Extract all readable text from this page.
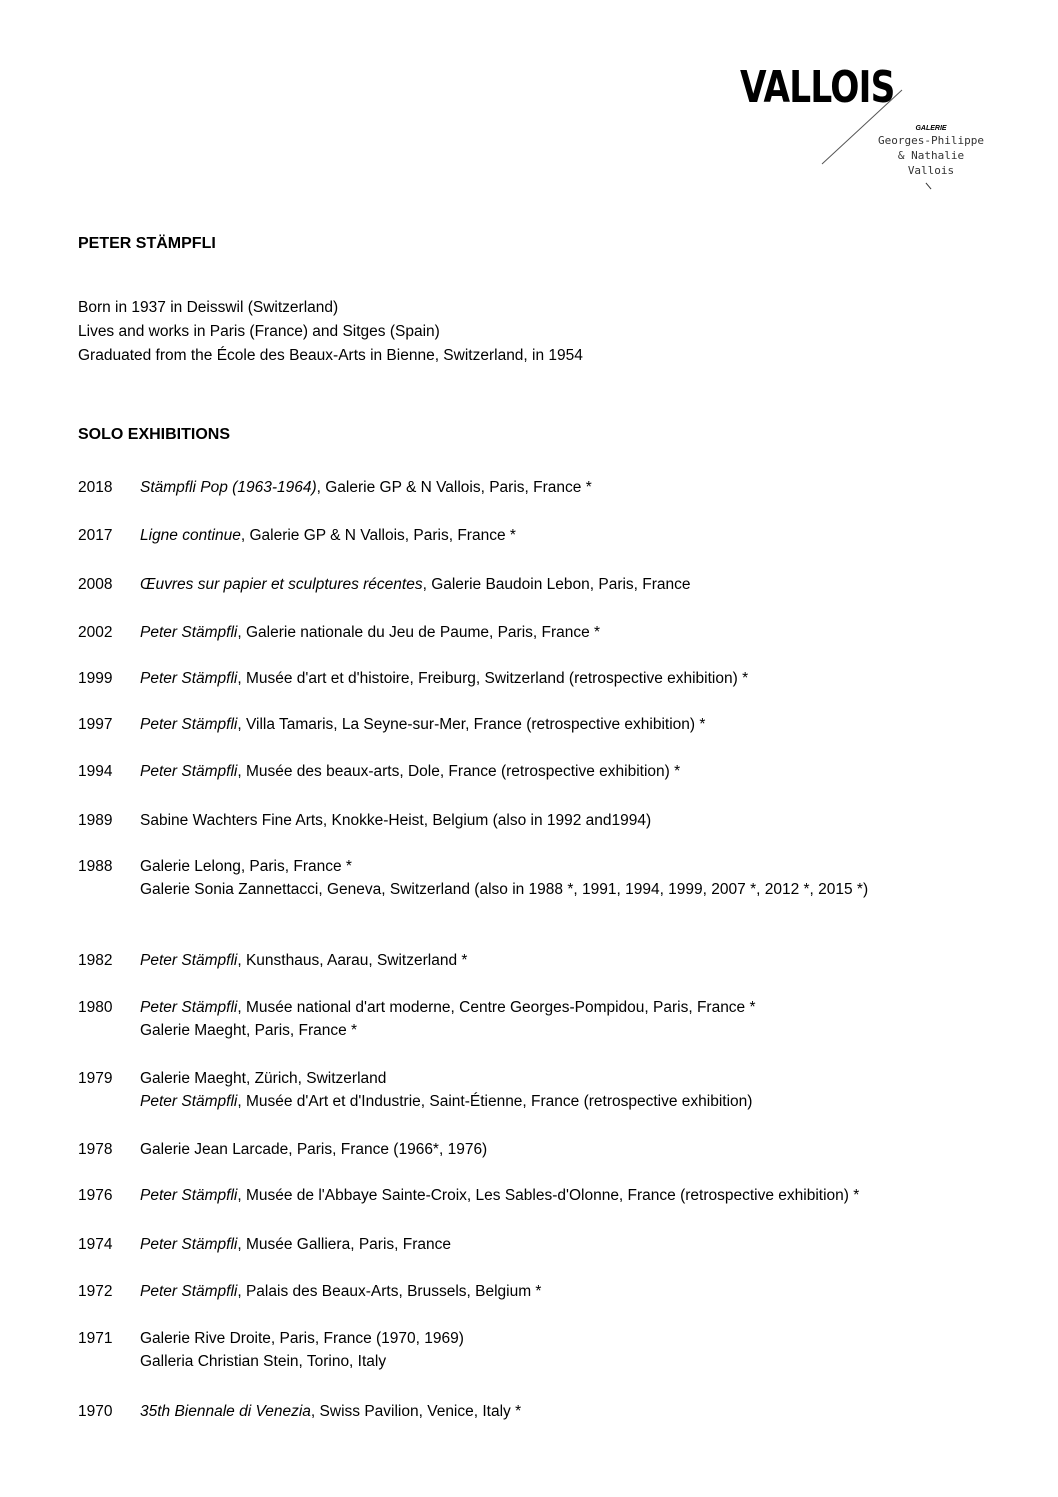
VALLOIS
GALERIE
Georges-Philippe
& Nathalie
Vallois
PETER STÄMPFLI
Born in 1937 in Deisswil (Switzerland)
Lives and works in Paris (France) and Sitges (Spain)
Graduated from the École des Beaux-Arts in Bienne, Switzerland, in 1954
SOLO EXHIBITIONS
2018 Stämpfli Pop (1963-1964), Galerie GP & N Vallois, Paris, France *
2017 Ligne continue, Galerie GP & N Vallois, Paris, France *
2008 Œuvres sur papier et sculptures récentes, Galerie Baudoin Lebon, Paris, France
2002 Peter Stämpfli, Galerie nationale du Jeu de Paume, Paris, France *
1999 Peter Stämpfli, Musée d'art et d'histoire, Freiburg, Switzerland (retrospective exhibition) *
1997 Peter Stämpfli, Villa Tamaris, La Seyne-sur-Mer, France (retrospective exhibition) *
1994 Peter Stämpfli, Musée des beaux-arts, Dole, France (retrospective exhibition) *
1989 Sabine Wachters Fine Arts, Knokke-Heist, Belgium (also in 1992 and1994)
1988 Galerie Lelong, Paris, France *
Galerie Sonia Zannettacci, Geneva, Switzerland (also in 1988 *, 1991, 1994, 1999, 2007 *, 2012 *, 2015 *)
1982 Peter Stämpfli, Kunsthaus, Aarau, Switzerland *
1980 Peter Stämpfli, Musée national d'art moderne, Centre Georges-Pompidou, Paris, France *
Galerie Maeght, Paris, France *
1979 Galerie Maeght, Zürich, Switzerland
Peter Stämpfli, Musée d'Art et d'Industrie, Saint-Étienne, France (retrospective exhibition)
1978 Galerie Jean Larcade, Paris, France (1966*, 1976)
1976 Peter Stämpfli, Musée de l'Abbaye Sainte-Croix, Les Sables-d'Olonne, France (retrospective exhibition) *
1974 Peter Stämpfli, Musée Galliera, Paris, France
1972 Peter Stämpfli, Palais des Beaux-Arts, Brussels, Belgium *
1971 Galerie Rive Droite, Paris, France (1970, 1969)
Galleria Christian Stein, Torino, Italy
1970 35th Biennale di Venezia, Swiss Pavilion, Venice, Italy *
